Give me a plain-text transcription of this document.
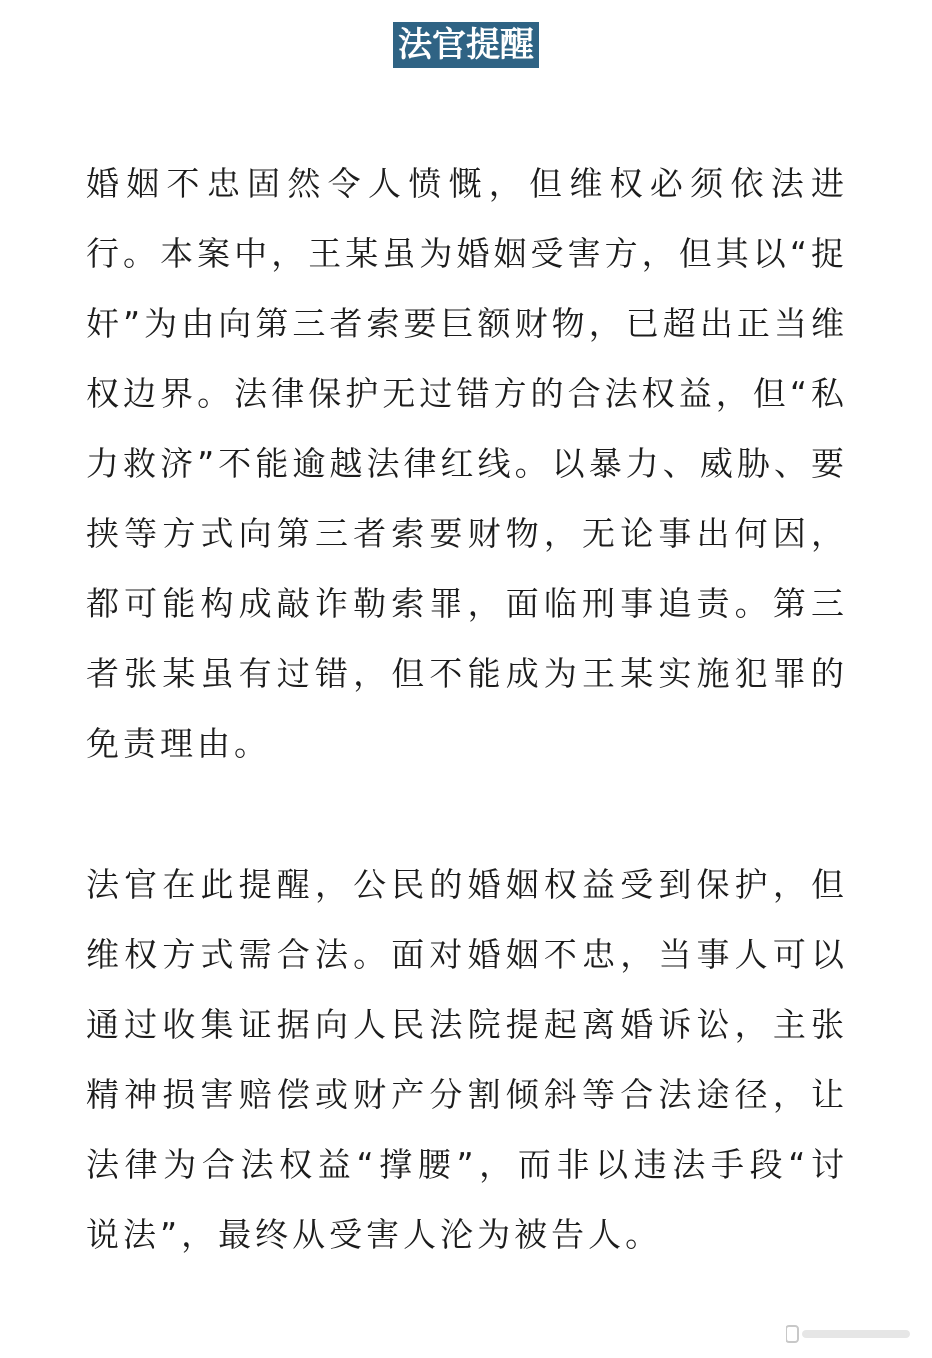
法官提醒

婚姻不忠固然令人愤慨，但维权必须依法进行。本案中，王某虽为婚姻受害方，但其以“捉奸”为由向第三者索要巨额财物，已超出正当维权边界。法律保护无过错方的合法权益，但“私力救济”不能逾越法律红线。以暴力、威胁、要挟等方式向第三者索要财物，无论事出何因，都可能构成敲诈勒索罪，面临刑事追责。第三者张某虽有过错，但不能成为王某实施犯罪的免责理由。

法官在此提醒，公民的婚姻权益受到保护，但维权方式需合法。面对婚姻不忠，当事人可以通过收集证据向人民法院提起离婚诉讼，主张精神损害赔偿或财产分割倾斜等合法途径，让法律为合法权益“撑腰”，而非以违法手段“讨说法”，最终从受害人沦为被告人。
